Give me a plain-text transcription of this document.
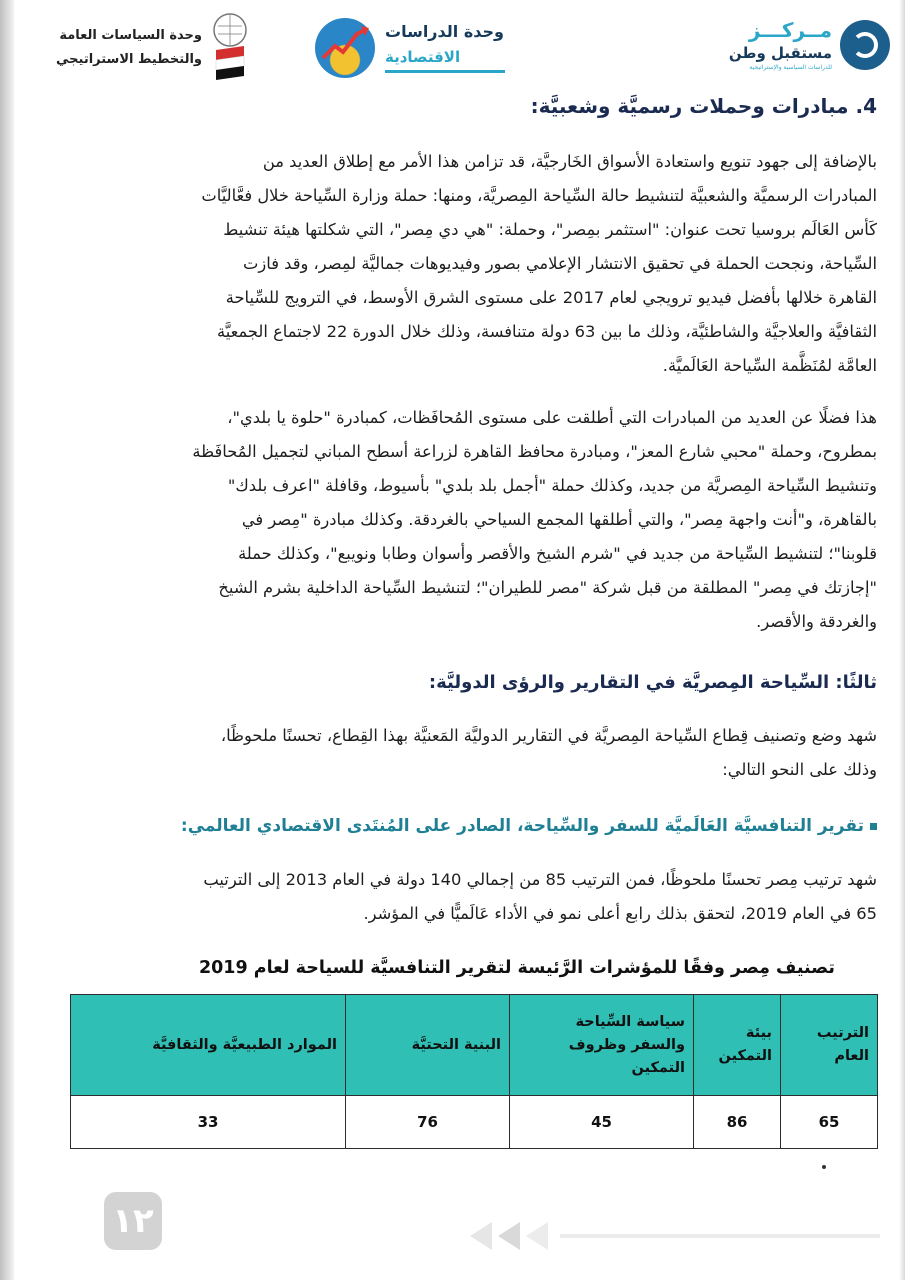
مــركـــز
مستقبل وطن
للدراسات السياسية والإستراتيجية
وحدة الدراسات
الاقتصادية
وحدة السياسات العامة
والتخطيط الاستراتيجي
4. مبادرات وحملات رسميَّة وشعبيَّة:
بالإضافة إلى جهود تنويع واستعادة الأسواق الخَارجيَّة، قد تزامن هذا الأمر مع إطلاق العديد من
المبادرات الرسميَّة والشعبيَّة لتنشيط حالة السِّياحة المِصريَّة، ومنها: حملة وزارة السِّياحة خلال فعَّاليَّات
كَأس العَالَم بروسيا تحت عنوان: "استثمر بمِصر"، وحملة: "هي دي مِصر"، التي شكلتها هيئة تنشيط
السِّياحة، ونجحت الحملة في تحقيق الانتشار الإعلامي بصور وفيديوهات جماليَّة لمِصر، وقد فازت
القاهرة خلالها بأفضل فيديو ترويجي لعام 2017 على مستوى الشرق الأوسط، في الترويج للسِّياحة
الثقافيَّة والعلاجيَّة والشاطئيَّة، وذلك ما بين 63 دولة متنافسة، وذلك خلال الدورة 22 لاجتماع الجمعيَّة
العامَّة لمُنَظَّمة السِّياحة العَالَميَّة.
هذا فضلًا عن العديد من المبادرات التي أطلقت على مستوى المُحافَظات، كمبادرة "حلوة يا بلدي"،
بمطروح، وحملة "محبي شارع المعز"، ومبادرة محافظ القاهرة لزراعة أسطح المباني لتجميل المُحافَظة
وتنشيط السِّياحة المِصريَّة من جديد، وكذلك حملة "أجمل بلد بلدي" بأسيوط، وقافلة "اعرف بلدك"
بالقاهرة، و"أنت واجهة مِصر"، والتي أطلقها المجمع السياحي بالغردقة. وكذلك مبادرة "مِصر في
قلوبنا"؛ لتنشيط السِّياحة من جديد في "شرم الشيخ والأقصر وأسوان وطابا ونويبع"، وكذلك حملة
"إجازتك في مِصر" المطلقة من قبل شركة "مصر للطيران"؛ لتنشيط السِّياحة الداخلية بشرم الشيخ
والغردقة والأقصر.
ثالثًا: السِّياحة المِصريَّة في التقارير والرؤى الدوليَّة:
شهد وضع وتصنيف قِطاع السِّياحة المِصريَّة في التقارير الدوليَّة المَعنيَّة بهذا القِطاع، تحسنًا ملحوظًا،
وذلك على النحو التالي:
تقرير التنافسيَّة العَالَميَّة للسفر والسِّياحة، الصادر على المُنتَدى الاقتصادي العالمي:
شهد ترتيب مِصر تحسنًا ملحوظًا، فمن الترتيب 85 من إجمالي 140 دولة في العام 2013 إلى الترتيب
65 في العام 2019، لتحقق بذلك رابع أعلى نمو في الأداء عَالَميًّا في المؤشر.
تصنيف مِصر وفقًا للمؤشرات الرَّئيسة لتقرير التنافسيَّة للسياحة لعام 2019
الترتيب العام	بيئة التمكين	سياسة السِّياحة والسفر وظروف التمكين	البنية التحتيَّة	الموارد الطبيعيَّة والثقافيَّة
65	86	45	76	33
١٢
